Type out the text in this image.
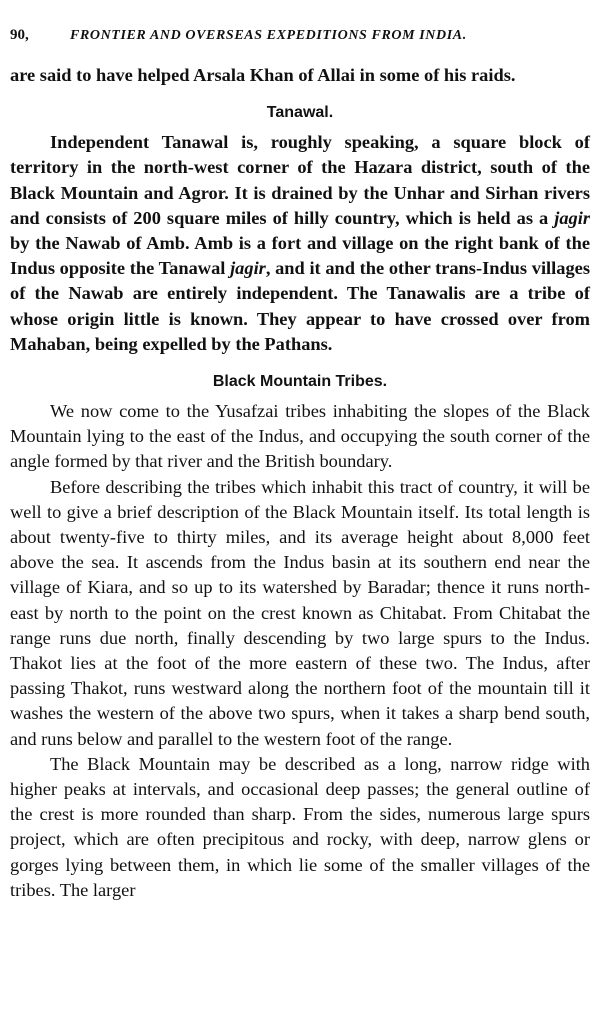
90,	FRONTIER AND OVERSEAS EXPEDITIONS FROM INDIA.

are said to have helped Arsala Khan of Allai in some of his raids.

Tanawal.

Independent Tanawal is, roughly speaking, a square block of territory in the north-west corner of the Hazara district, south of the Black Mountain and Agror. It is drained by the Unhar and Sirhan rivers and consists of 200 square miles of hilly country, which is held as a jagir by the Nawab of Amb. Amb is a fort and village on the right bank of the Indus opposite the Tanawal jagir, and it and the other trans-Indus villages of the Nawab are entirely independent. The Tanawalis are a tribe of whose origin little is known. They appear to have crossed over from Mahaban, being expelled by the Pathans.

Black Mountain Tribes.

We now come to the Yusafzai tribes inhabiting the slopes of the Black Mountain lying to the east of the Indus, and occupying the south corner of the angle formed by that river and the British boundary.

Before describing the tribes which inhabit this tract of country, it will be well to give a brief description of the Black Mountain itself. Its total length is about twenty-five to thirty miles, and its average height about 8,000 feet above the sea. It ascends from the Indus basin at its southern end near the village of Kiara, and so up to its watershed by Baradar; thence it runs north-east by north to the point on the crest known as Chitabat. From Chitabat the range runs due north, finally descending by two large spurs to the Indus. Thakot lies at the foot of the more eastern of these two. The Indus, after passing Thakot, runs westward along the northern foot of the mountain till it washes the western of the above two spurs, when it takes a sharp bend south, and runs below and parallel to the western foot of the range.

The Black Mountain may be described as a long, narrow ridge with higher peaks at intervals, and occasional deep passes; the general outline of the crest is more rounded than sharp. From the sides, numerous large spurs project, which are often precipitous and rocky, with deep, narrow glens or gorges lying between them, in which lie some of the smaller villages of the tribes. The larger
